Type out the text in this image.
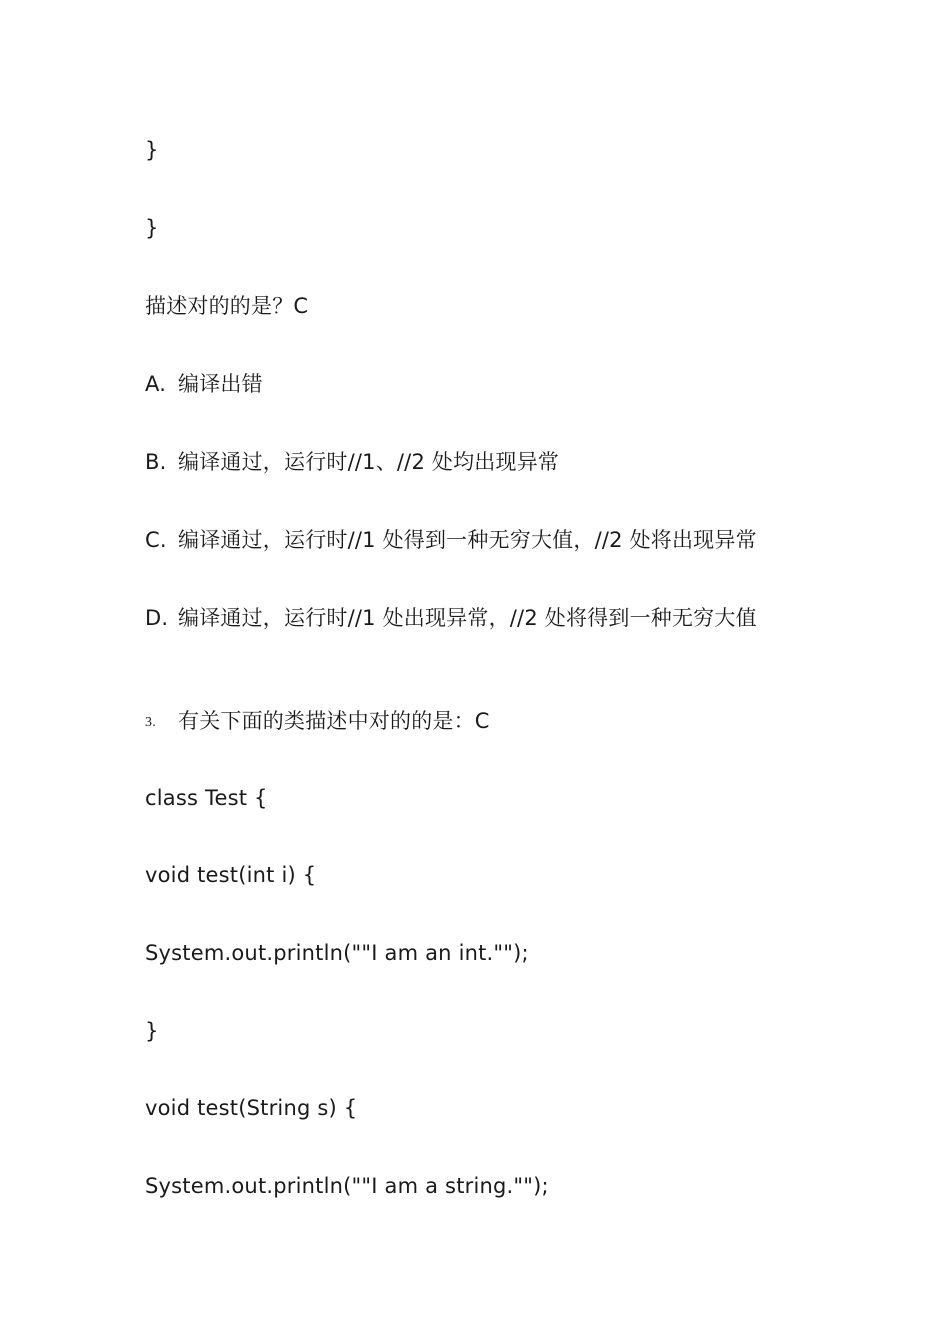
}
}
描述对的的是？C
A. 编译出错
B. 编译通过，运行时//1、//2 处均出现异常
C. 编译通过，运行时//1 处得到一种无穷大值，//2 处将出现异常
D. 编译通过，运行时//1 处出现异常，//2 处将得到一种无穷大值
3. 有关下面的类描述中对的的是：C
class Test {
void test(int i) {
System.out.println(""I am an int."");
}
void test(String s) {
System.out.println(""I am a string."");
